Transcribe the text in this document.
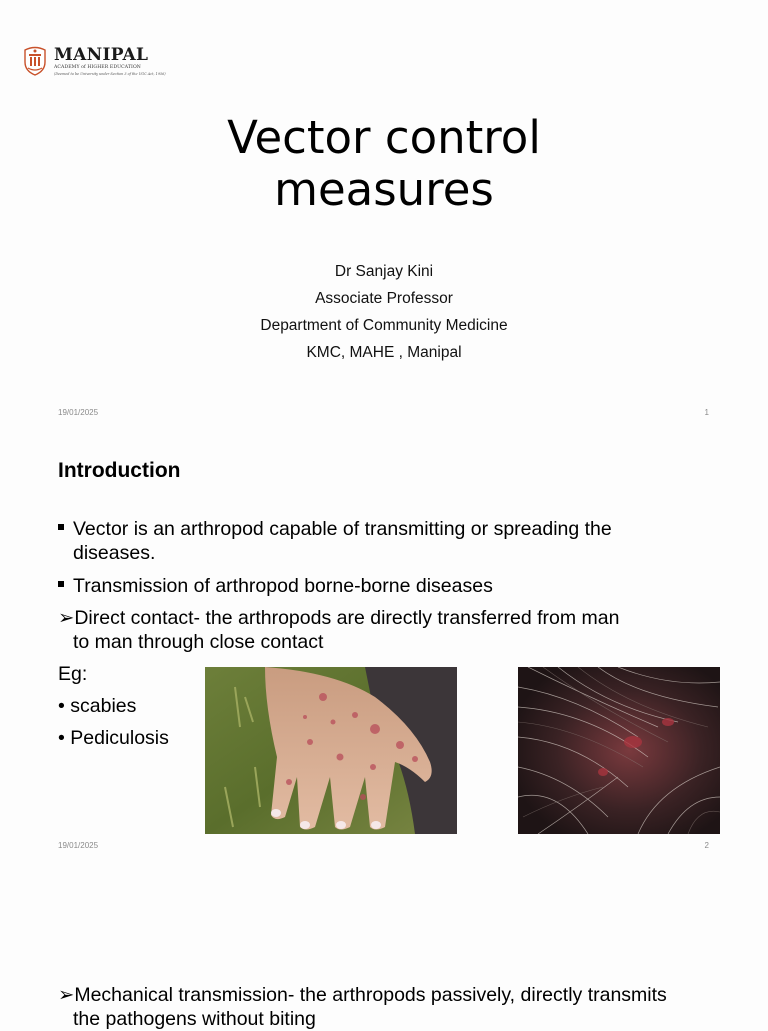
MANIPAL
ACADEMY of HIGHER EDUCATION
(Deemed to be University under Section 3 of the UGC Act, 1956)
Vector control
measures
Dr Sanjay Kini
Associate Professor
Department of Community Medicine
KMC, MAHE , Manipal
19/01/2025	1
Introduction
Vector is an arthropod capable of transmitting or spreading the
diseases.
Transmission of arthropod borne-borne diseases
➢Direct contact- the arthropods are directly transferred from man
to man through close contact
Eg:
• scabies
• Pediculosis
19/01/2025	2
➢Mechanical transmission- the arthropods passively, directly transmits
the pathogens without biting
